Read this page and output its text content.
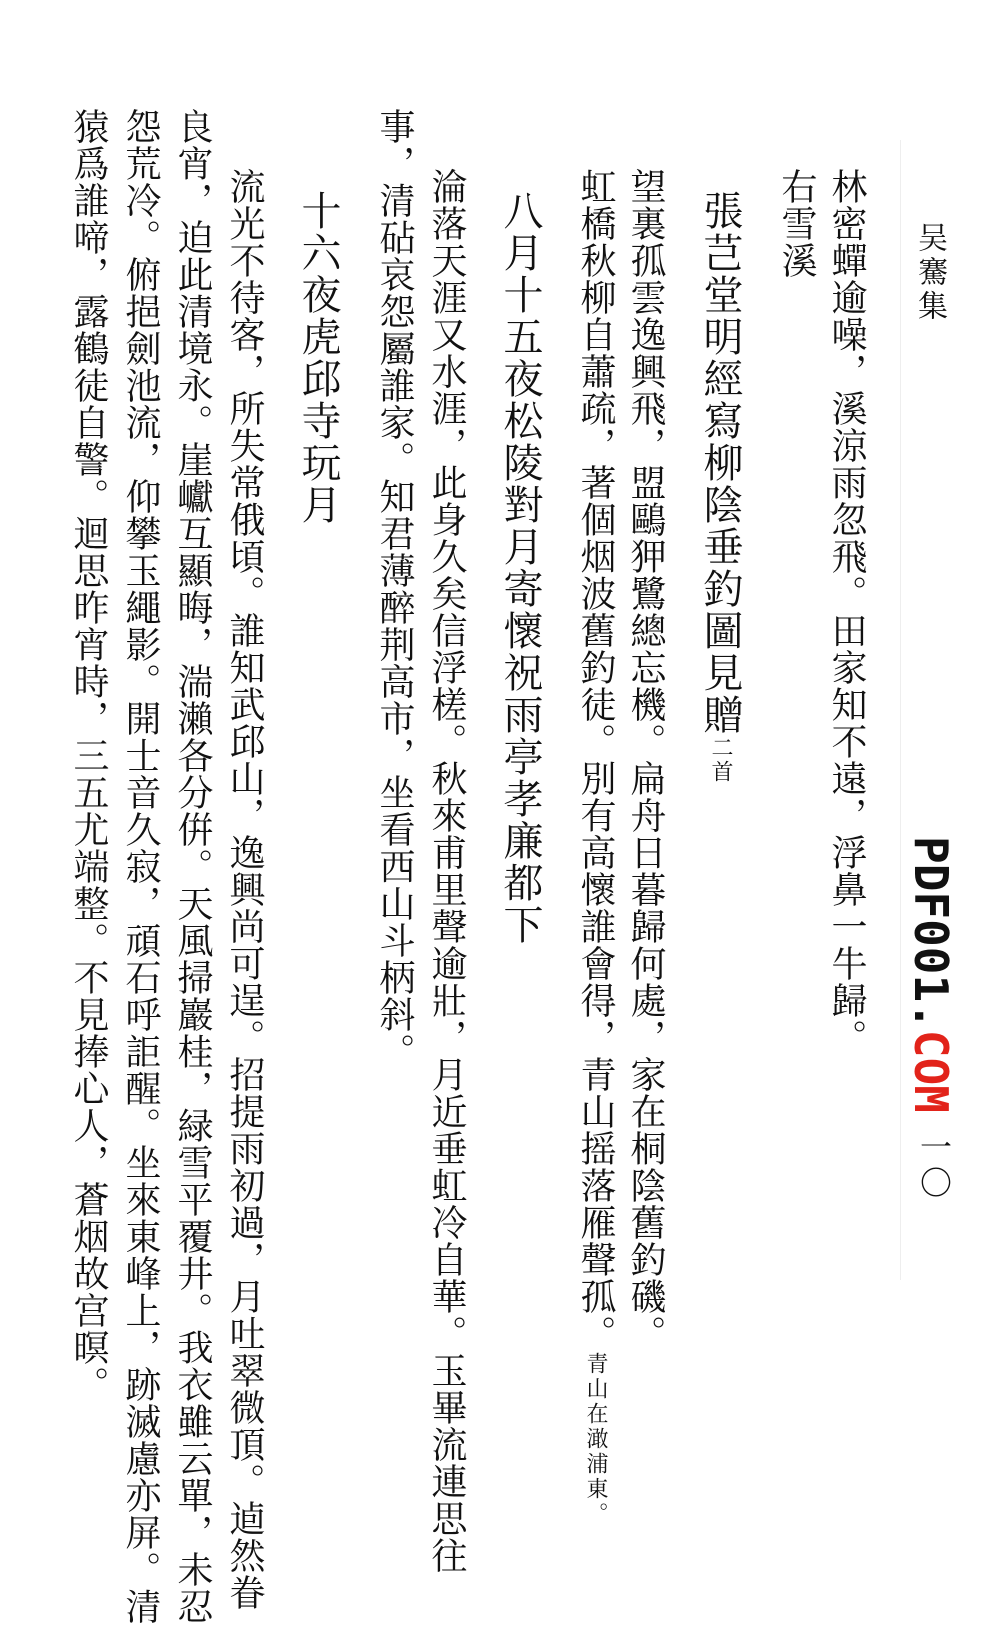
吴騫集
PDF001.COM
一〇
林密蟬逾噪，溪涼雨忽飛。田家知不遠，浮鼻一牛歸。
右雪溪
張芑堂明經寫柳陰垂釣圖見贈二首
望裏孤雲逸興飛，盟鷗狎鷺總忘機。扁舟日暮歸何處，家在桐陰舊釣磯。
虹橋秋柳自蕭疏，著個烟波舊釣徒。別有高懷誰會得，青山摇落雁聲孤。青山在澉浦東。
八月十五夜松陵對月寄懷祝雨亭孝廉都下
淪落天涯又水涯，此身久矣信浮槎。秋來甫里聲逾壯，月近垂虹冷自華。玉畢流連思往
事，清砧哀怨屬誰家。知君薄醉荆高市，坐看西山斗柄斜。
十六夜虎邱寺玩月
流光不待客，所失常俄頃。誰知武邱山，逸興尚可逞。招提雨初過，月吐翠微頂。逌然眷
良宵，迫此清境永。崖巘互顯晦，湍瀨各分倂。天風掃巖桂，緑雪平覆井。我衣雖云單，未忍
怨荒冷。俯挹劍池流，仰攀玉繩影。開士音久寂，頑石呼詎醒。坐來東峰上，跡滅慮亦屏。清
猿爲誰啼，露鶴徒自警。迴思昨宵時，三五尤端整。不見捧心人，蒼烟故宫暝。
